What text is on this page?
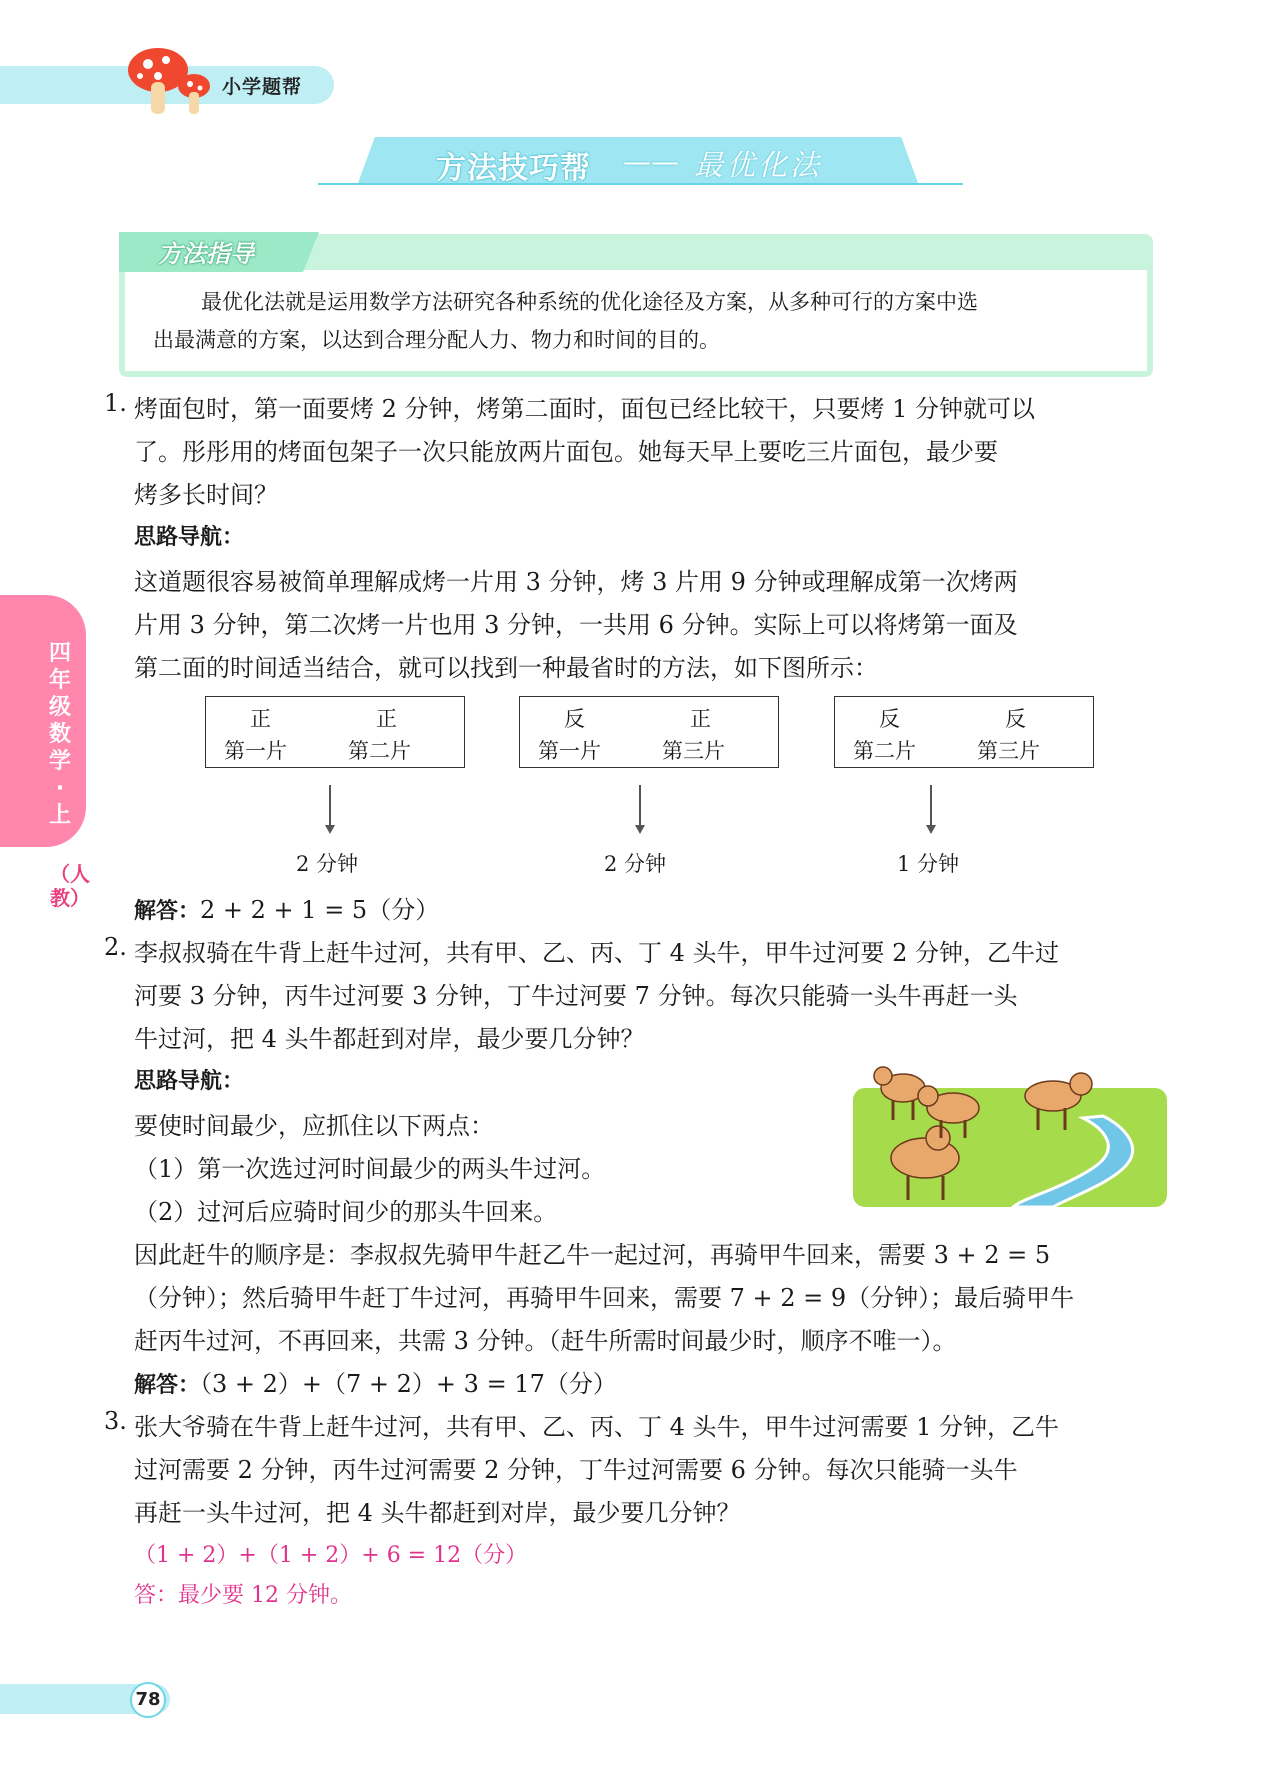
小学题帮
方法技巧帮 —— 最优化法
方法指导
最优化法就是运用数学方法研究各种系统的优化途径及方案，从多种可行的方案中选
出最满意的方案，以达到合理分配人力、物力和时间的目的。
四年级数学·上
（人教）
1. 烤面包时，第一面要烤 2 分钟，烤第二面时，面包已经比较干，只要烤 1 分钟就可以
了。彤彤用的烤面包架子一次只能放两片面包。她每天早上要吃三片面包，最少要
烤多长时间？
思路导航：
这道题很容易被简单理解成烤一片用 3 分钟，烤 3 片用 9 分钟或理解成第一次烤两
片用 3 分钟，第二次烤一片也用 3 分钟，一共用 6 分钟。实际上可以将烤第一面及
第二面的时间适当结合，就可以找到一种最省时的方法，如下图所示：
正	正
第一片	第二片
反	正
第一片	第三片
反	反
第二片	第三片
2 分钟	2 分钟	1 分钟
解答：2 + 2 + 1 = 5（分）
2. 李叔叔骑在牛背上赶牛过河，共有甲、乙、丙、丁 4 头牛，甲牛过河要 2 分钟，乙牛过
河要 3 分钟，丙牛过河要 3 分钟，丁牛过河要 7 分钟。每次只能骑一头牛再赶一头
牛过河，把 4 头牛都赶到对岸，最少要几分钟？
思路导航：
要使时间最少，应抓住以下两点：
（1）第一次选过河时间最少的两头牛过河。
（2）过河后应骑时间少的那头牛回来。
因此赶牛的顺序是：李叔叔先骑甲牛赶乙牛一起过河，再骑甲牛回来，需要 3 + 2 = 5
（分钟）；然后骑甲牛赶丁牛过河，再骑甲牛回来，需要 7 + 2 = 9（分钟）；最后骑甲牛
赶丙牛过河，不再回来，共需 3 分钟。（赶牛所需时间最少时，顺序不唯一）。
解答：（3 + 2）+（7 + 2）+ 3 = 17（分）
3. 张大爷骑在牛背上赶牛过河，共有甲、乙、丙、丁 4 头牛，甲牛过河需要 1 分钟，乙牛
过河需要 2 分钟，丙牛过河需要 2 分钟，丁牛过河需要 6 分钟。每次只能骑一头牛
再赶一头牛过河，把 4 头牛都赶到对岸，最少要几分钟？
（1 + 2）+（1 + 2）+ 6 = 12（分）
答：最少要 12 分钟。
78
